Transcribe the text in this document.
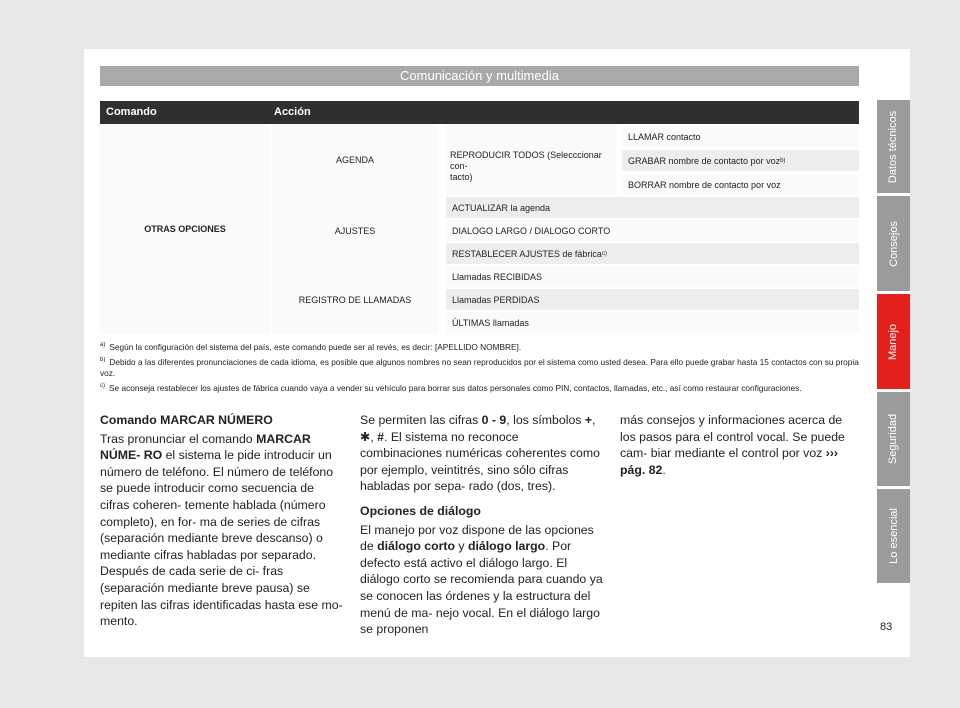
Comunicación y multimedia
Comando	Acción
OTRAS OPCIONES
AGENDA	REPRODUCIR TODOS (Selecccionar con-
tacto)
LLAMAR contacto
GRABAR nombre de contacto por voz b)
BORRAR nombre de contacto por voz
AJUSTES
ACTUALIZAR la agenda
DIALOGO LARGO / DIALOGO CORTO
RESTABLECER AJUSTES de fábrica c)
REGISTRO DE LLAMADAS
Llamadas RECIBIDAS
Llamadas PERDIDAS
ÚLTIMAS llamadas

$^{a)}$ Según la configuración del sistema del país, este comando puede ser al revés, es decir: [APELLIDO NOMBRE].

$^{b)}$ Debido a las diferentes pronunciaciones de cada idioma, es posible que algunos nombres no sean reproducidos por el sistema como usted desea. Para ello puede grabar hasta 15 contactos con su propia voz.

$^{c)}$ Se aconseja restablecer los ajustes de fábrica cuando vaya a vender su vehículo para borrar sus datos personales como PIN, contactos, llamadas, etc., así como restaurar configuraciones.

Comando MARCAR NÚMERO

Tras pronunciar el comando MARCAR NÚME- RO el sistema le pide introducir un número de teléfono. El número de teléfono se puede introducir como secuencia de cifras coheren- temente hablada (número completo), en for- ma de series de cifras (separación mediante breve descanso) o mediante cifras habladas por separado. Después de cada serie de ci- fras (separación mediante breve pausa) se repiten las cifras identificadas hasta ese mo- mento.

Se permiten las cifras 0 - 9, los símbolos +,
✱, #. El sistema no reconoce combinaciones numéricas coherentes como por ejemplo, veintitrés, sino sólo cifras habladas por sepa- rado (dos, tres).

Opciones de diálogo

El manejo por voz dispone de las opciones de diálogo corto y diálogo largo. Por defecto está activo el diálogo largo. El diálogo corto se recomienda para cuando ya se conocen las órdenes y la estructura del menú de ma- nejo vocal. En el diálogo largo se proponen

más consejos y informaciones acerca de los pasos para el control vocal. Se puede cam- biar mediante el control por voz ››› pág. 82.

Datos técnicos
Consejos
Manejo
Seguridad
Lo esencial
83
